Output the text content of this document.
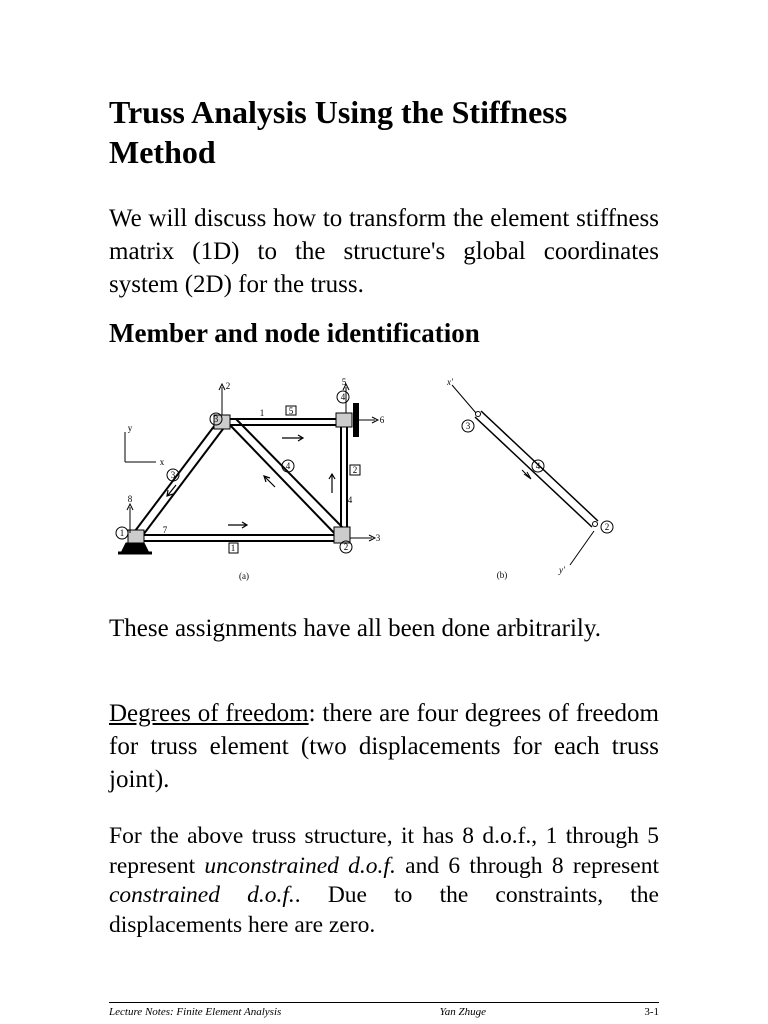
Truss Analysis Using the Stiffness Method

We will discuss how to transform the element stiffness matrix (1D) to the structure's global coordinates system (2D) for the truss.

Member and node identification
1
2
3
4
3
4
5
2
1
2	5
6
3
8	4
1
7
y
x
(a)
3
2
4
x'
y'
(b)

These assignments have all been done arbitrarily.

Degrees of freedom: there are four degrees of freedom for truss element (two displacements for each truss joint).

For the above truss structure, it has 8 d.o.f., 1 through 5 represent unconstrained d.o.f. and 6 through 8 represent constrained d.o.f.. Due to the constraints, the displacements here are zero.

Lecture Notes: Finite Element Analysis	Yan Zhuge	3-1
